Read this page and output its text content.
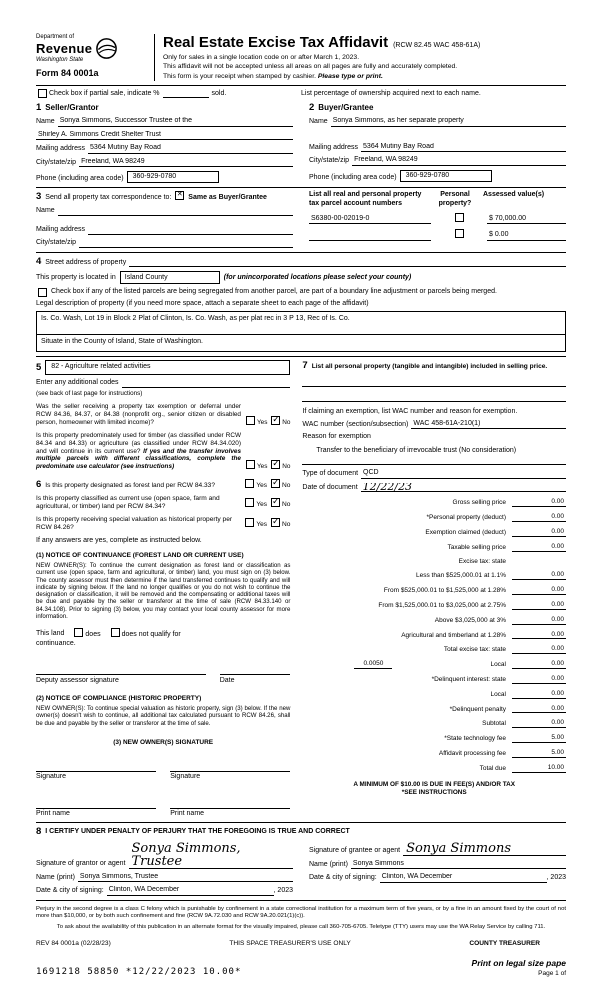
Department of
Revenue
Washington State
Form 84 0001a
Real Estate Excise Tax Affidavit (RCW 82.45 WAC 458-61A)
Only for sales in a single location code on or after March 1, 2023.
This affidavit will not be accepted unless all areas on all pages are fully and accurately completed.
This form is your receipt when stamped by cashier. Please type or print.
Check box if partial sale, indicate %	sold.	List percentage of ownership acquired next to each name.
1 Seller/Grantor
Name Sonya Simmons, Successor Trustee of the
Shirley A. Simmons Credit Shelter Trust
Mailing address 5364 Mutiny Bay Road
City/state/zip Freeland, WA 98249
Phone (including area code)	360-929-0780
2 Buyer/Grantee
Name Sonya Simmons, as her separate property
Mailing address 5364 Mutiny Bay Road
City/state/zip Freeland, WA 98249
Phone (including area code)	360-929-0780
3 Send all property tax correspondence to: ✕ Same as Buyer/Grantee
Name
Mailing address
City/state/zip
List all real and personal property tax parcel account numbers
Personal property?
Assessed value(s)
S6380-00-02019-0	$ 70,000.00
$ 0.00
4 Street address of property
This property is located in	Island County	(for unincorporated locations please select your county)
Check box if any of the listed parcels are being segregated from another parcel, are part of a boundary line adjustment or parcels being merged.
Legal description of property (if you need more space, attach a separate sheet to each page of the affidavit)
Is. Co. Wash, Lot 19 in Block 2 Plat of Clinton, Is. Co. Wash, as per plat rec in 3 P 13, Rec of Is. Co.
Situate in the County of Island, State of Washington.
5	82 - Agriculture related activities
Enter any additional codes
(see back of last page for instructions)
Was the seller receiving a property tax exemption or deferral under RCW 84.36, 84.37, or 84.38 (nonprofit org., senior citizen or disabled person, homeowner with limited income)?	Yes ✓ No
Is this property predominately used for timber (as classified under RCW 84.34 and 84.33) or agriculture (as classified under RCW 84.34.020) and will continue in its current use? If yes and the transfer involves multiple parcels with different classifications, complete the predominate use calculator (see instructions)	Yes ✓ No
6 Is this property designated as forest land per RCW 84.33?	Yes ✓ No
Is this property classified as current use (open space, farm and agricultural, or timber) land per RCW 84.34?	Yes ✓ No
Is this property receiving special valuation as historical property per RCW 84.26?	Yes ✓ No
If any answers are yes, complete as instructed below.
(1) NOTICE OF CONTINUANCE (FOREST LAND OR CURRENT USE)
NEW OWNER(S): To continue the current designation as forest land or classification as current use (open space, farm and agricultural, or timber) land, you must sign on (3) below. The county assessor must then determine if the land transferred continues to qualify and will indicate by signing below. If the land no longer qualifies or you do not wish to continue the designation or classification, it will be removed and the compensating or additional taxes will be due and payable by the seller or transferor at the time of sale (RCW 84.33.140 or 84.34.108). Prior to signing (3) below, you may contact your local county assessor for more information.
This land	does	does not qualify for
continuance.
Deputy assessor signature	Date
(2) NOTICE OF COMPLIANCE (HISTORIC PROPERTY)
NEW OWNER(S): To continue special valuation as historic property, sign (3) below. If the new owner(s) doesn't wish to continue, all additional tax calculated pursuant to RCW 84.26, shall be due and payable by the seller or transferor at the time of sale.
(3) NEW OWNER(S) SIGNATURE
Signature	Signature
Print name	Print name
7 List all personal property (tangible and intangible) included in selling price.
If claiming an exemption, list WAC number and reason for exemption.
WAC number (section/subsection) WAC 458-61A-210(1)
Reason for exemption
Transfer to the beneficiary of irrevocable trust (No consideration)
Type of document QCD
Date of document 12/22/23
Gross selling price	0.00
*Personal property (deduct)	0.00
Exemption claimed (deduct)	0.00
Taxable selling price	0.00
Excise tax: state
Less than $525,000.01 at 1.1%	0.00
From $525,000.01 to $1,525,000 at 1.28%	0.00
From $1,525,000.01 to $3,025,000 at 2.75%	0.00
Above $3,025,000 at 3%	0.00
Agricultural and timberland at 1.28%	0.00
Total excise tax: state	0.00
0.0050	Local	0.00
*Delinquent interest: state	0.00
Local	0.00
*Delinquent penalty	0.00
Subtotal	0.00
*State technology fee	5.00
Affidavit processing fee	5.00
Total due	10.00
A MINIMUM OF $10.00 IS DUE IN FEE(S) AND/OR TAX
*SEE INSTRUCTIONS
8 I CERTIFY UNDER PENALTY OF PERJURY THAT THE FOREGOING IS TRUE AND CORRECT
Signature of grantor or agent
Sonya Simmons, Trustee
Name (print) Sonya Simmons, Trustee
Date & city of signing: Clinton, WA December	, 2023
Signature of grantee or agent Sonya Simmons
Name (print) Sonya Simmons
Date & city of signing: Clinton, WA December	, 2023
Perjury in the second degree is a class C felony which is punishable by confinement in a state correctional institution for a maximum term of five years, or by a fine in an amount fixed by the court of not more than $10,000, or by both such confinement and fine (RCW 9A.72.030 and RCW 9A.20.021(1)(c)).
To ask about the availability of this publication in an alternate format for the visually impaired, please call 360-705-6705. Teletype (TTY) users may use the WA Relay Service by calling 711.
REV 84 0001a (02/28/23)	THIS SPACE TREASURER'S USE ONLY	COUNTY TREASURER
1691218 58850 *12/22/2023 10.00*
Print on legal size pape
Page 1 of
